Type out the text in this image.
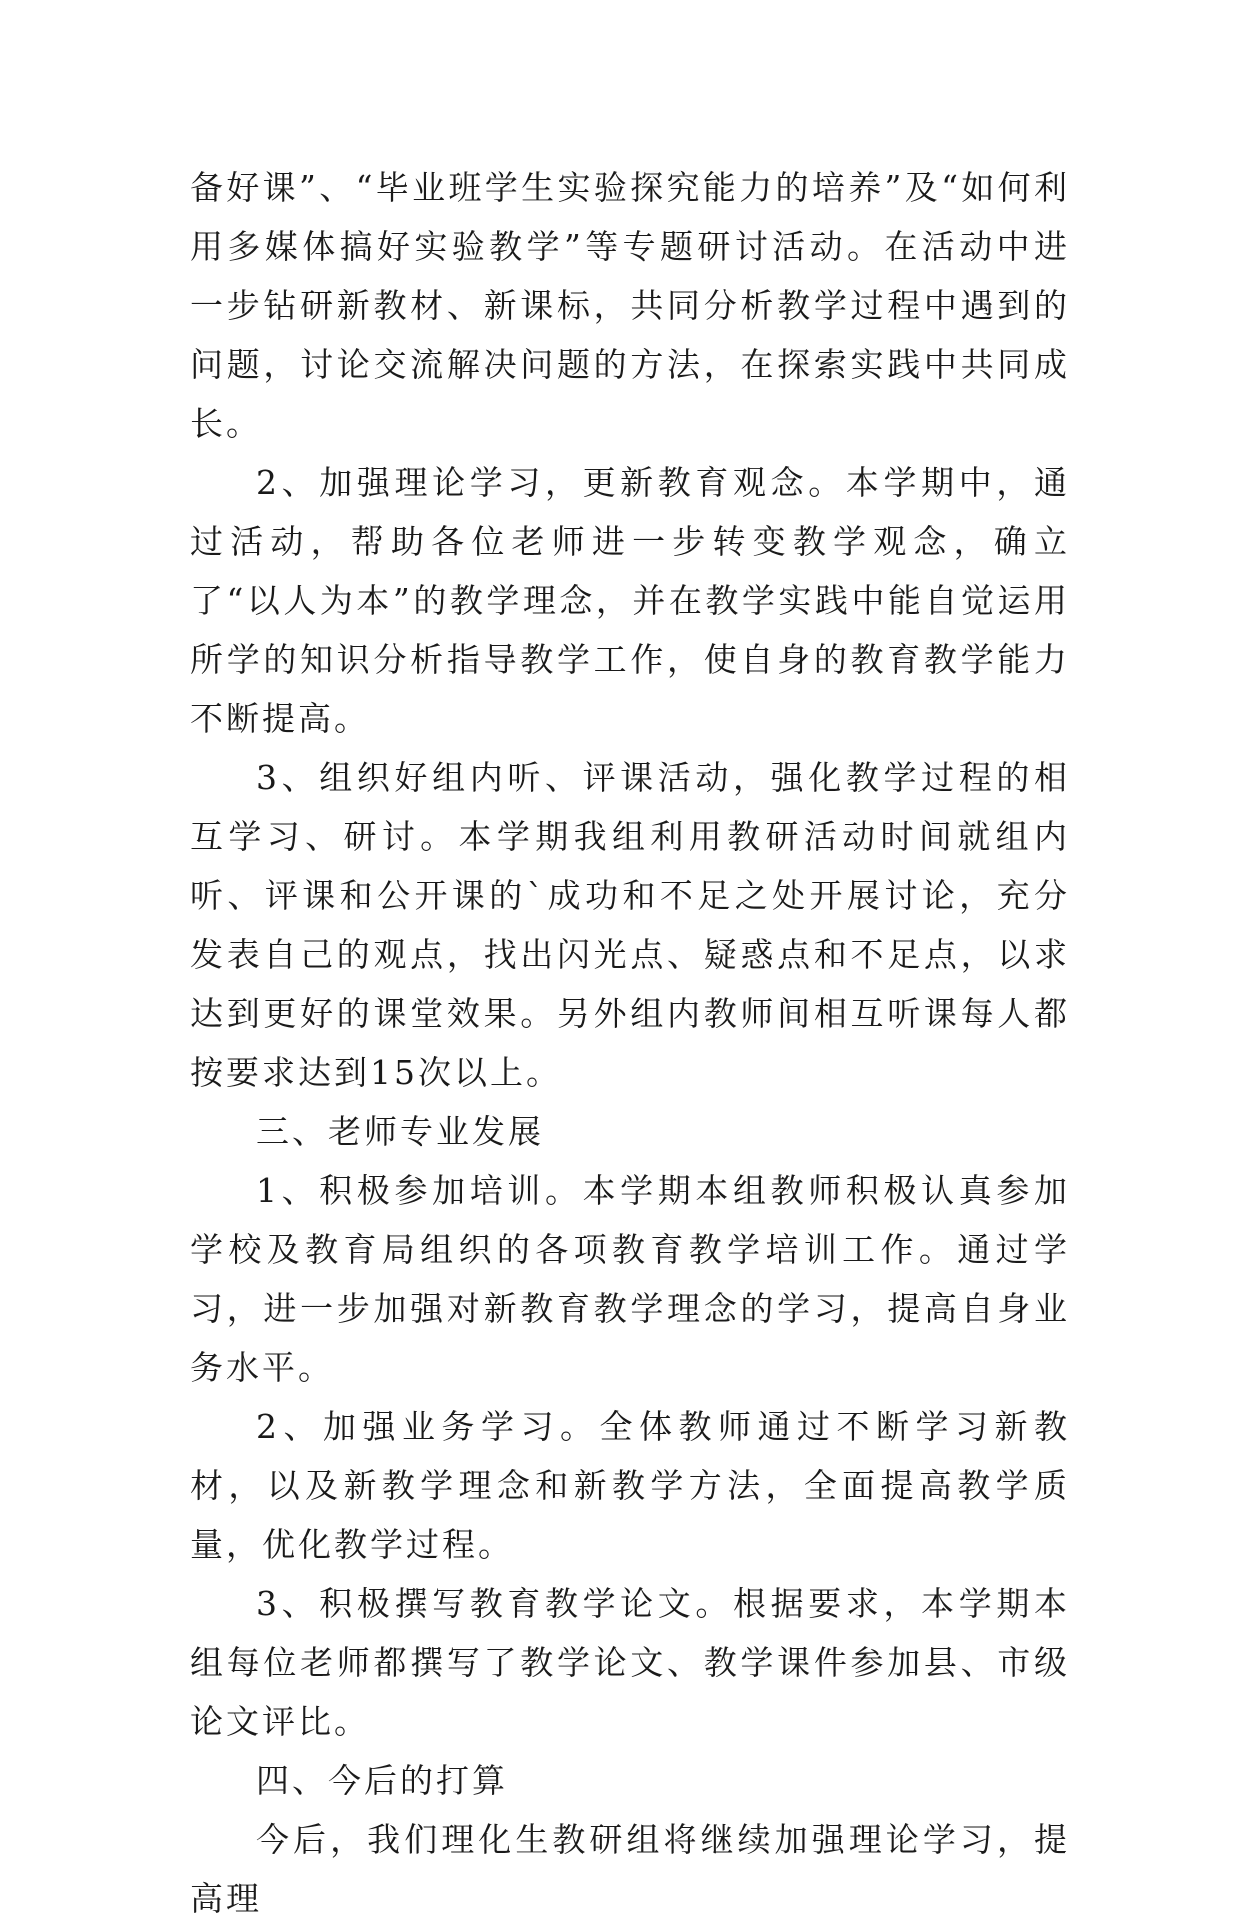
备好课”、“毕业班学生实验探究能力的培养”及“如何利用多媒体搞好实验教学”等专题研讨活动。在活动中进一步钻研新教材、新课标，共同分析教学过程中遇到的问题，讨论交流解决问题的方法，在探索实践中共同成长。

2、加强理论学习，更新教育观念。本学期中，通过活动，帮助各位老师进一步转变教学观念，确立了“以人为本”的教学理念，并在教学实践中能自觉运用所学的知识分析指导教学工作，使自身的教育教学能力不断提高。

3、组织好组内听、评课活动，强化教学过程的相互学习、研讨。本学期我组利用教研活动时间就组内听、评课和公开课的`成功和不足之处开展讨论，充分发表自己的观点，找出闪光点、疑惑点和不足点，以求达到更好的课堂效果。另外组内教师间相互听课每人都按要求达到15次以上。

三、老师专业发展

1、积极参加培训。本学期本组教师积极认真参加学校及教育局组织的各项教育教学培训工作。通过学习，进一步加强对新教育教学理念的学习，提高自身业务水平。

2、加强业务学习。全体教师通过不断学习新教材，以及新教学理念和新教学方法，全面提高教学质量，优化教学过程。

3、积极撰写教育教学论文。根据要求，本学期本组每位老师都撰写了教学论文、教学课件参加县、市级论文评比。

四、今后的打算

今后，我们理化生教研组将继续加强理论学习，提高理
